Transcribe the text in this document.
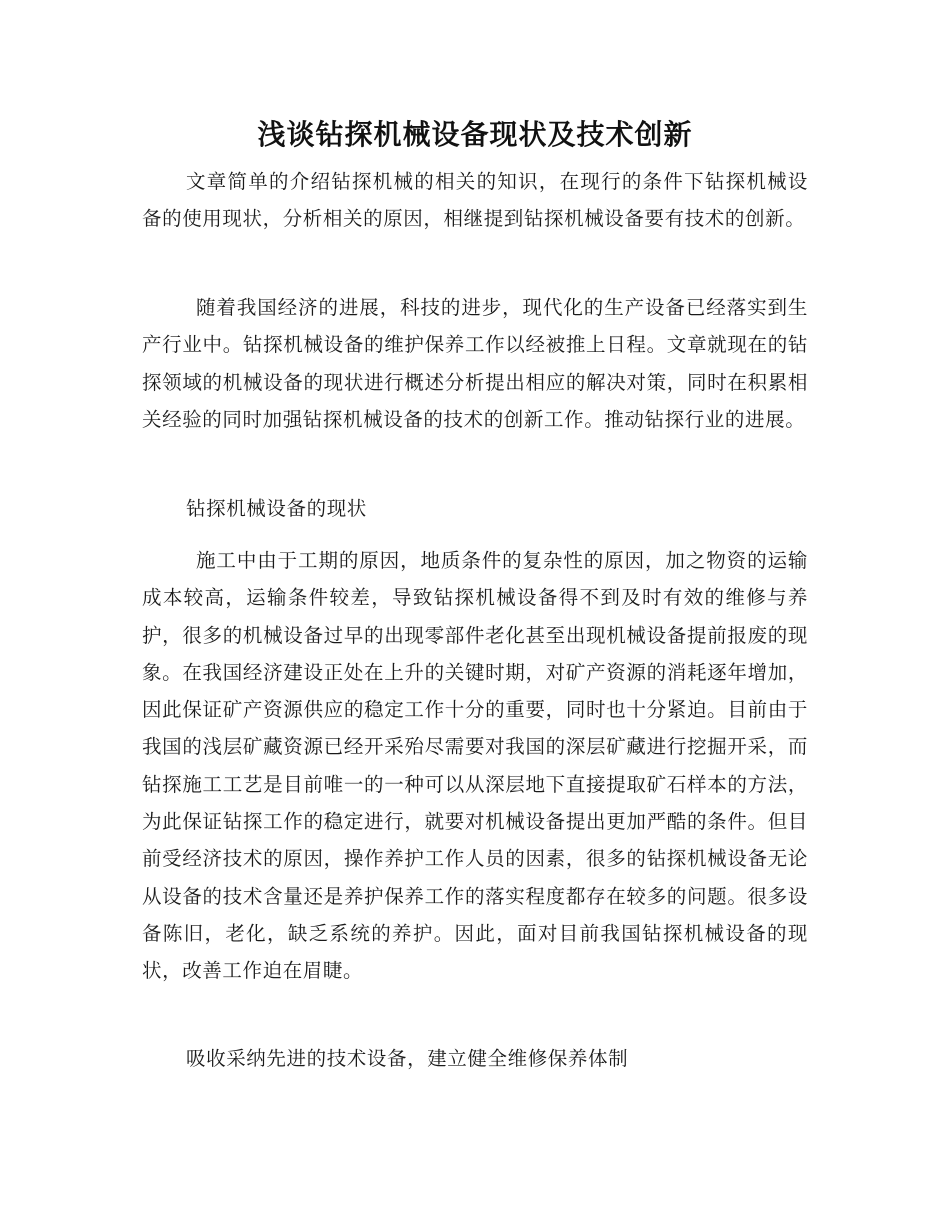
浅谈钻探机械设备现状及技术创新

文章简单的介绍钻探机械的相关的知识，在现行的条件下钻探机械设备的使用现状，分析相关的原因，相继提到钻探机械设备要有技术的创新。

随着我国经济的进展，科技的进步，现代化的生产设备已经落实到生产行业中。钻探机械设备的维护保养工作以经被推上日程。文章就现在的钻探领域的机械设备的现状进行概述分析提出相应的解决对策，同时在积累相关经验的同时加强钻探机械设备的技术的创新工作。推动钻探行业的进展。

钻探机械设备的现状

施工中由于工期的原因，地质条件的复杂性的原因，加之物资的运输成本较高，运输条件较差，导致钻探机械设备得不到及时有效的维修与养护，很多的机械设备过早的出现零部件老化甚至出现机械设备提前报废的现象。在我国经济建设正处在上升的关键时期，对矿产资源的消耗逐年增加，因此保证矿产资源供应的稳定工作十分的重要，同时也十分紧迫。目前由于我国的浅层矿藏资源已经开采殆尽需要对我国的深层矿藏进行挖掘开采，而钻探施工工艺是目前唯一的一种可以从深层地下直接提取矿石样本的方法，为此保证钻探工作的稳定进行，就要对机械设备提出更加严酷的条件。但目前受经济技术的原因，操作养护工作人员的因素，很多的钻探机械设备无论从设备的技术含量还是养护保养工作的落实程度都存在较多的问题。很多设备陈旧，老化，缺乏系统的养护。因此，面对目前我国钻探机械设备的现状，改善工作迫在眉睫。

吸收采纳先进的技术设备，建立健全维修保养体制
